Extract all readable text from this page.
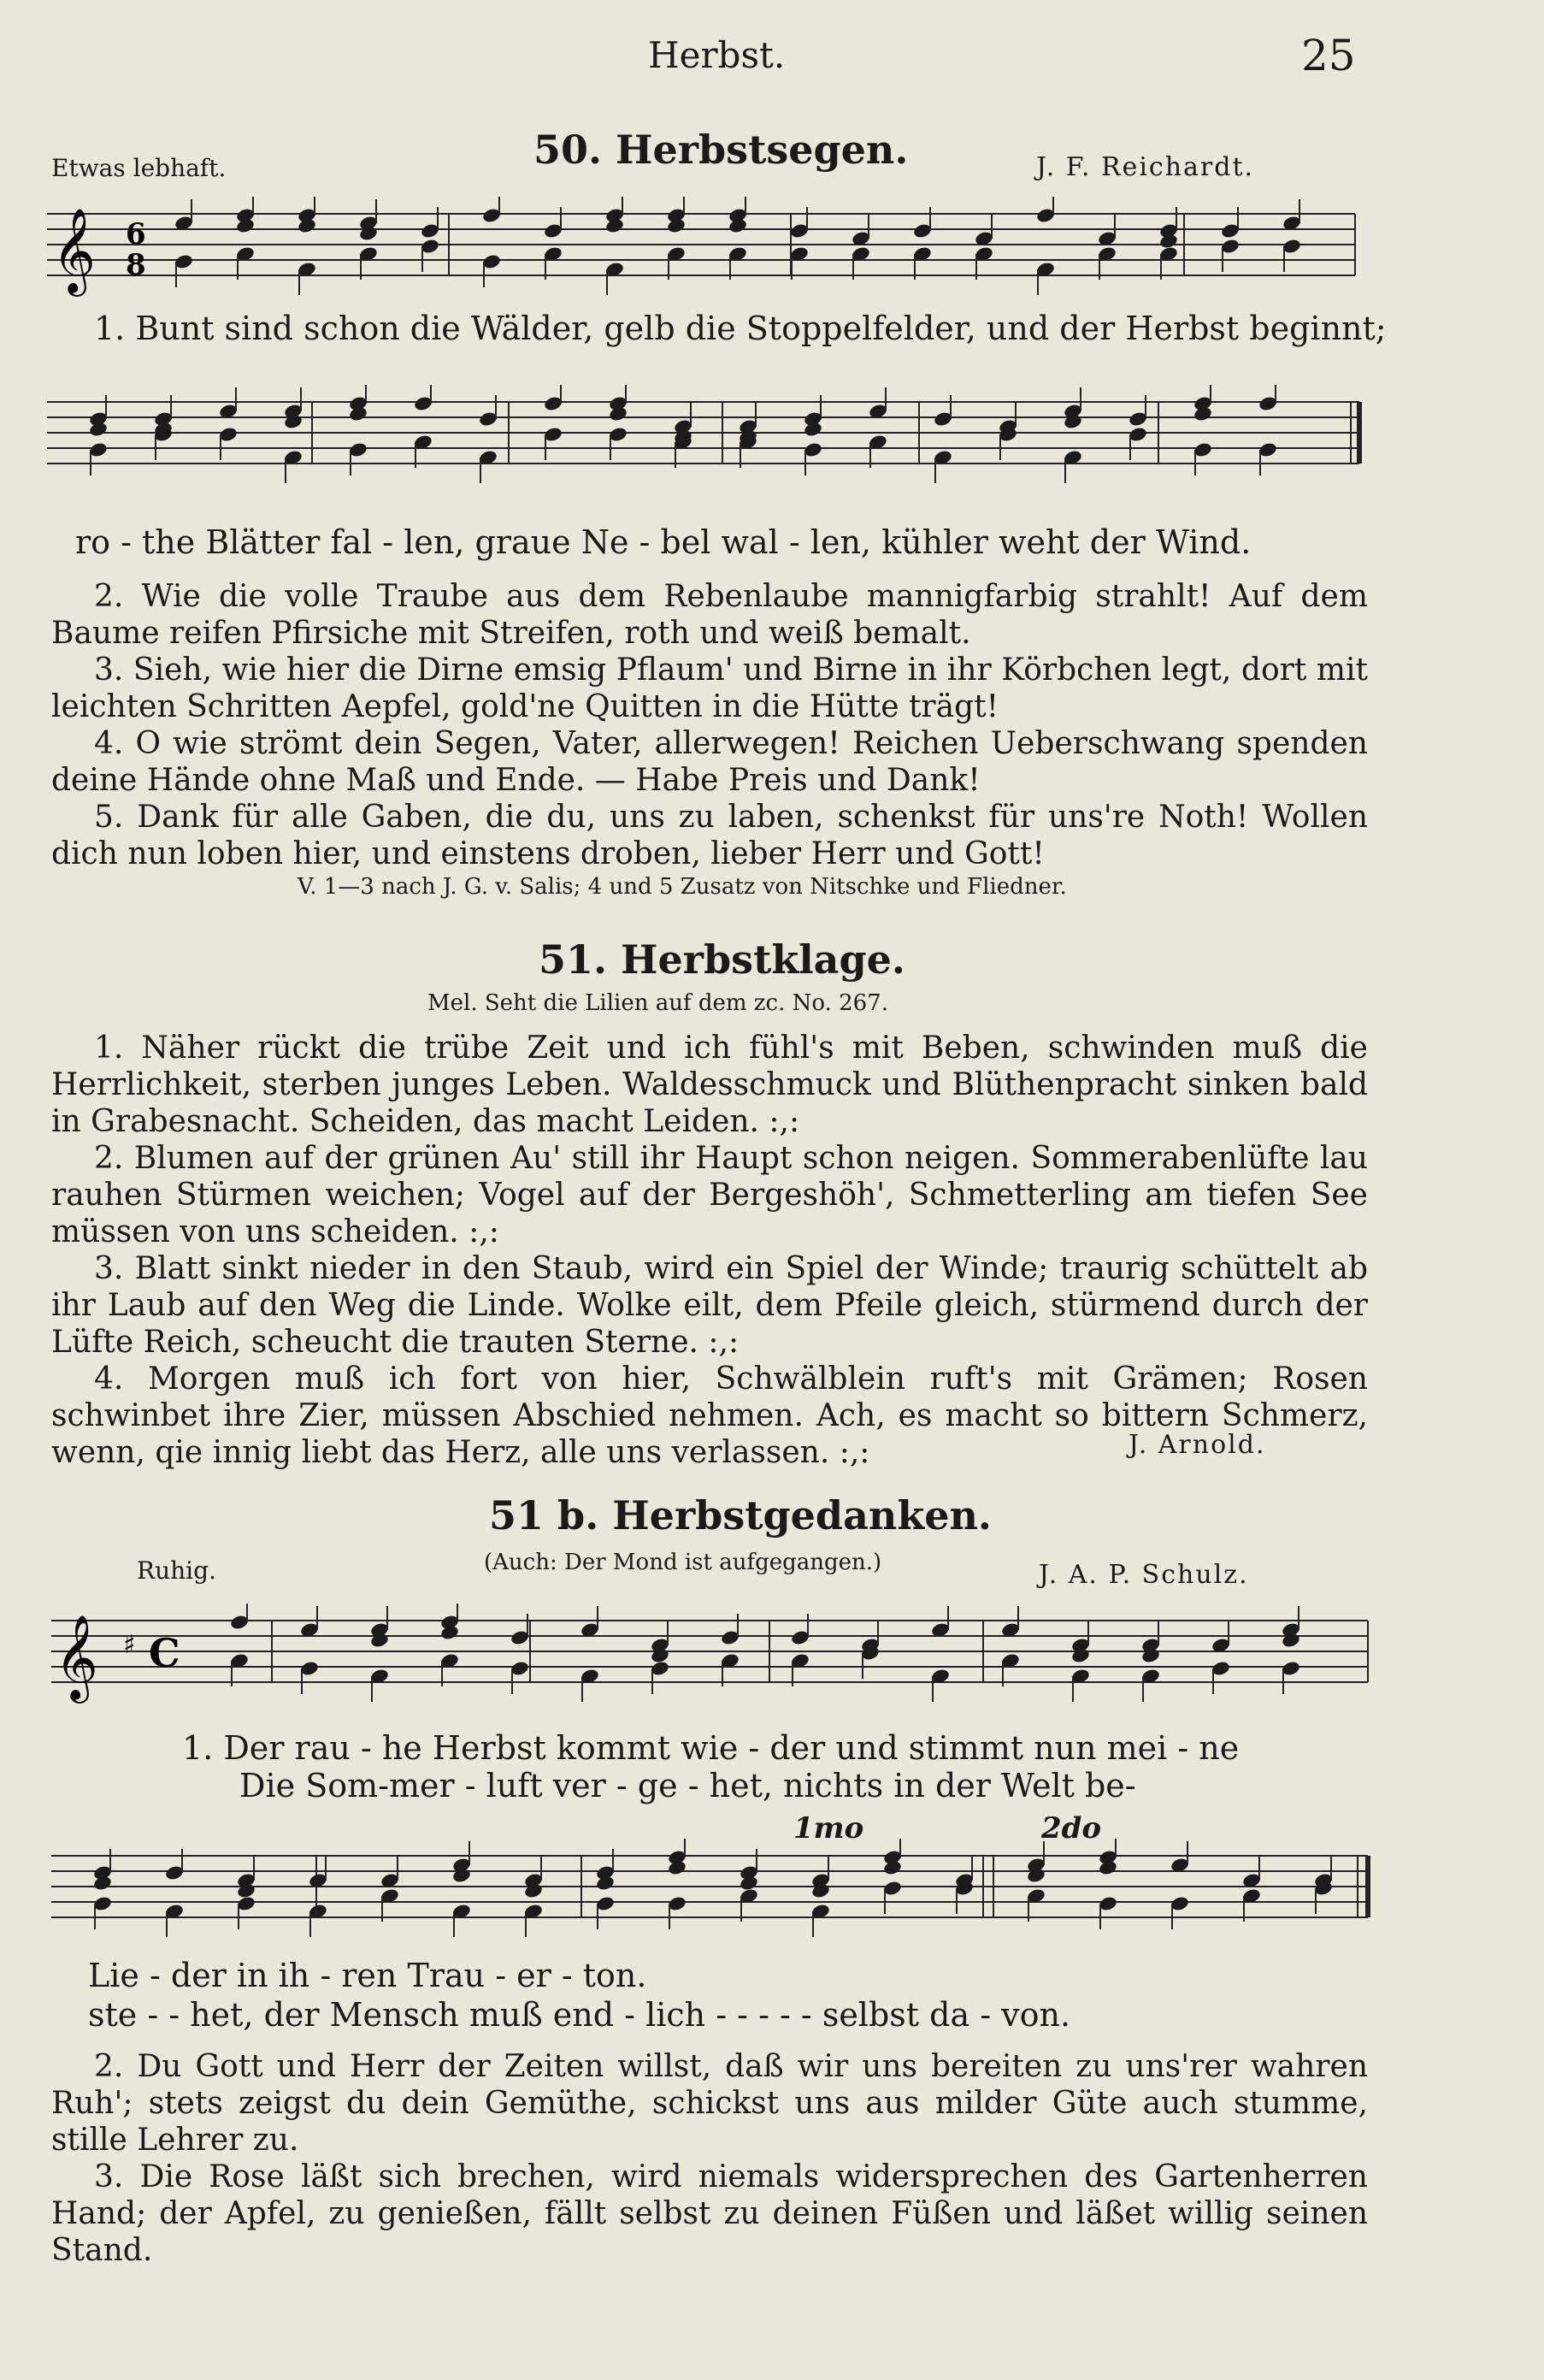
Herbst.	25
50. Herbstsegen.
Etwas lebhaft.	J. F. Reichardt.
𝄞 6
8
1. Bunt sind schon die Wälder, gelb die Stoppelfelder, und der Herbst beginnt;
ro - the Blätter fal - len, graue Ne - bel wal - len, kühler weht der Wind.

2. Wie die volle Traube aus dem Rebenlaube mannigfarbig strahlt! Auf dem Baume reifen Pfirsiche mit Streifen, roth und weiß bemalt.

3. Sieh, wie hier die Dirne emsig Pflaum' und Birne in ihr Körbchen legt, dort mit leichten Schritten Aepfel, gold'ne Quitten in die Hütte trägt!

4. O wie strömt dein Segen, Vater, allerwegen! Reichen Ueberschwang spenden deine Hände ohne Maß und Ende. — Habe Preis und Dank!

5. Dank für alle Gaben, die du, uns zu laben, schenkst für uns're Noth! Wollen dich nun loben hier, und einstens droben, lieber Herr und Gott!

V. 1—3 nach J. G. v. Salis; 4 und 5 Zusatz von Nitschke und Fliedner.
51. Herbstklage.
Mel. Seht die Lilien auf dem zc. No. 267.

1. Näher rückt die trübe Zeit und ich fühl's mit Beben, schwinden muß die Herrlichkeit, sterben junges Leben. Waldesschmuck und Blüthenpracht sinken bald in Grabesnacht. Scheiden, das macht Leiden. :,:

2. Blumen auf der grünen Au' still ihr Haupt schon neigen. Sommerabenlüfte lau rauhen Stürmen weichen; Vogel auf der Bergeshöh', Schmetterling am tiefen See müssen von uns scheiden. :,:

3. Blatt sinkt nieder in den Staub, wird ein Spiel der Winde; traurig schüttelt ab ihr Laub auf den Weg die Linde. Wolke eilt, dem Pfeile gleich, stürmend durch der Lüfte Reich, scheucht die trauten Sterne. :,:

4. Morgen muß ich fort von hier, Schwälblein ruft's mit Grämen; Rosen schwinbet ihre Zier, müssen Abschied nehmen. Ach, es macht so bittern Schmerz, wenn, qie innig liebt das Herz, alle uns verlassen. :,:	J. Arnold.
51 b. Herbstgedanken.
Ruhig.	(Auch: Der Mond ist aufgegangen.)	J. A. P. Schulz.
𝄞 ♯ C
1. Der rau - he Herbst kommt wie - der und stimmt nun mei - ne
Die Som-mer - luft ver - ge - het, nichts in der Welt be-
1mo	2do
Lie - der in ih - ren Trau - er - ton.
ste - - het, der Mensch muß end - lich - - - - - selbst da - von.

2. Du Gott und Herr der Zeiten willst, daß wir uns bereiten zu uns'rer wahren Ruh'; stets zeigst du dein Gemüthe, schickst uns aus milder Güte auch stumme, stille Lehrer zu.

3. Die Rose läßt sich brechen, wird niemals widersprechen des Gartenherren Hand; der Apfel, zu genießen, fällt selbst zu deinen Füßen und läßet willig seinen Stand.
